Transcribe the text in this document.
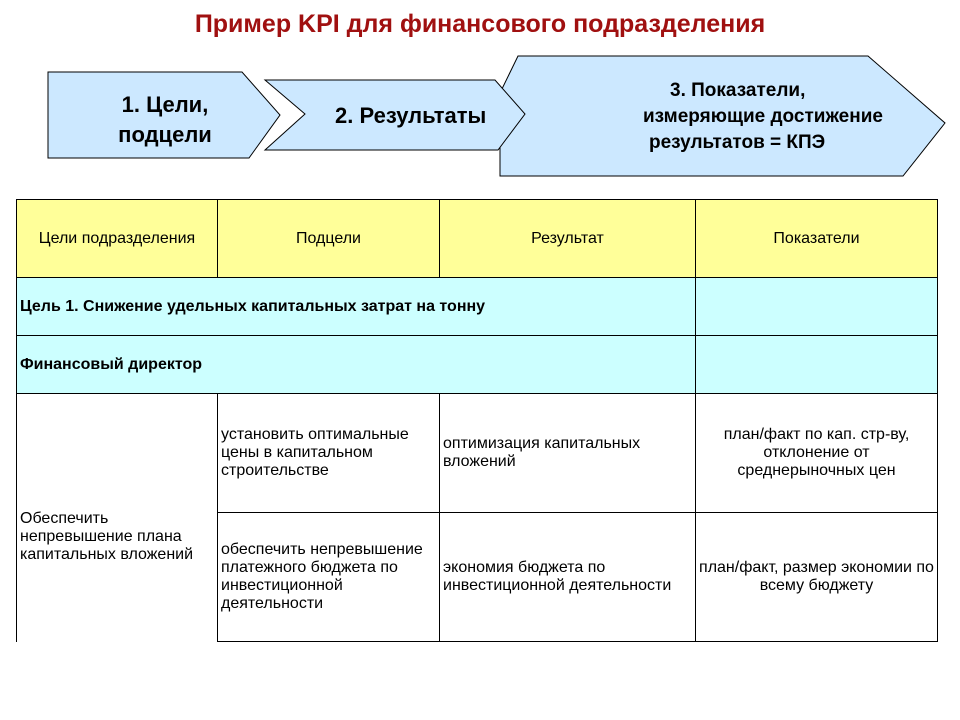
Пример KPI для финансового подразделения
1. Цели, подцели
2. Результаты
3. Показатели,
измеряющие достижение
результатов = КПЭ
Цели подразделения	Подцели	Результат	Показатели
Цель 1. Снижение удельных капитальных затрат на тонну			
Финансовый директор			
Обеспечить непревышение плана капитальных вложений	установить оптимальные цены в капитальном строительстве	оптимизация капитальных вложений	план/факт по кап. стр-ву, отклонение от среднерыночных цен
	обеспечить непревышение платежного бюджета по инвестиционной деятельности	экономия бюджета по инвестиционной деятельности	план/факт, размер экономии по всему бюджету
